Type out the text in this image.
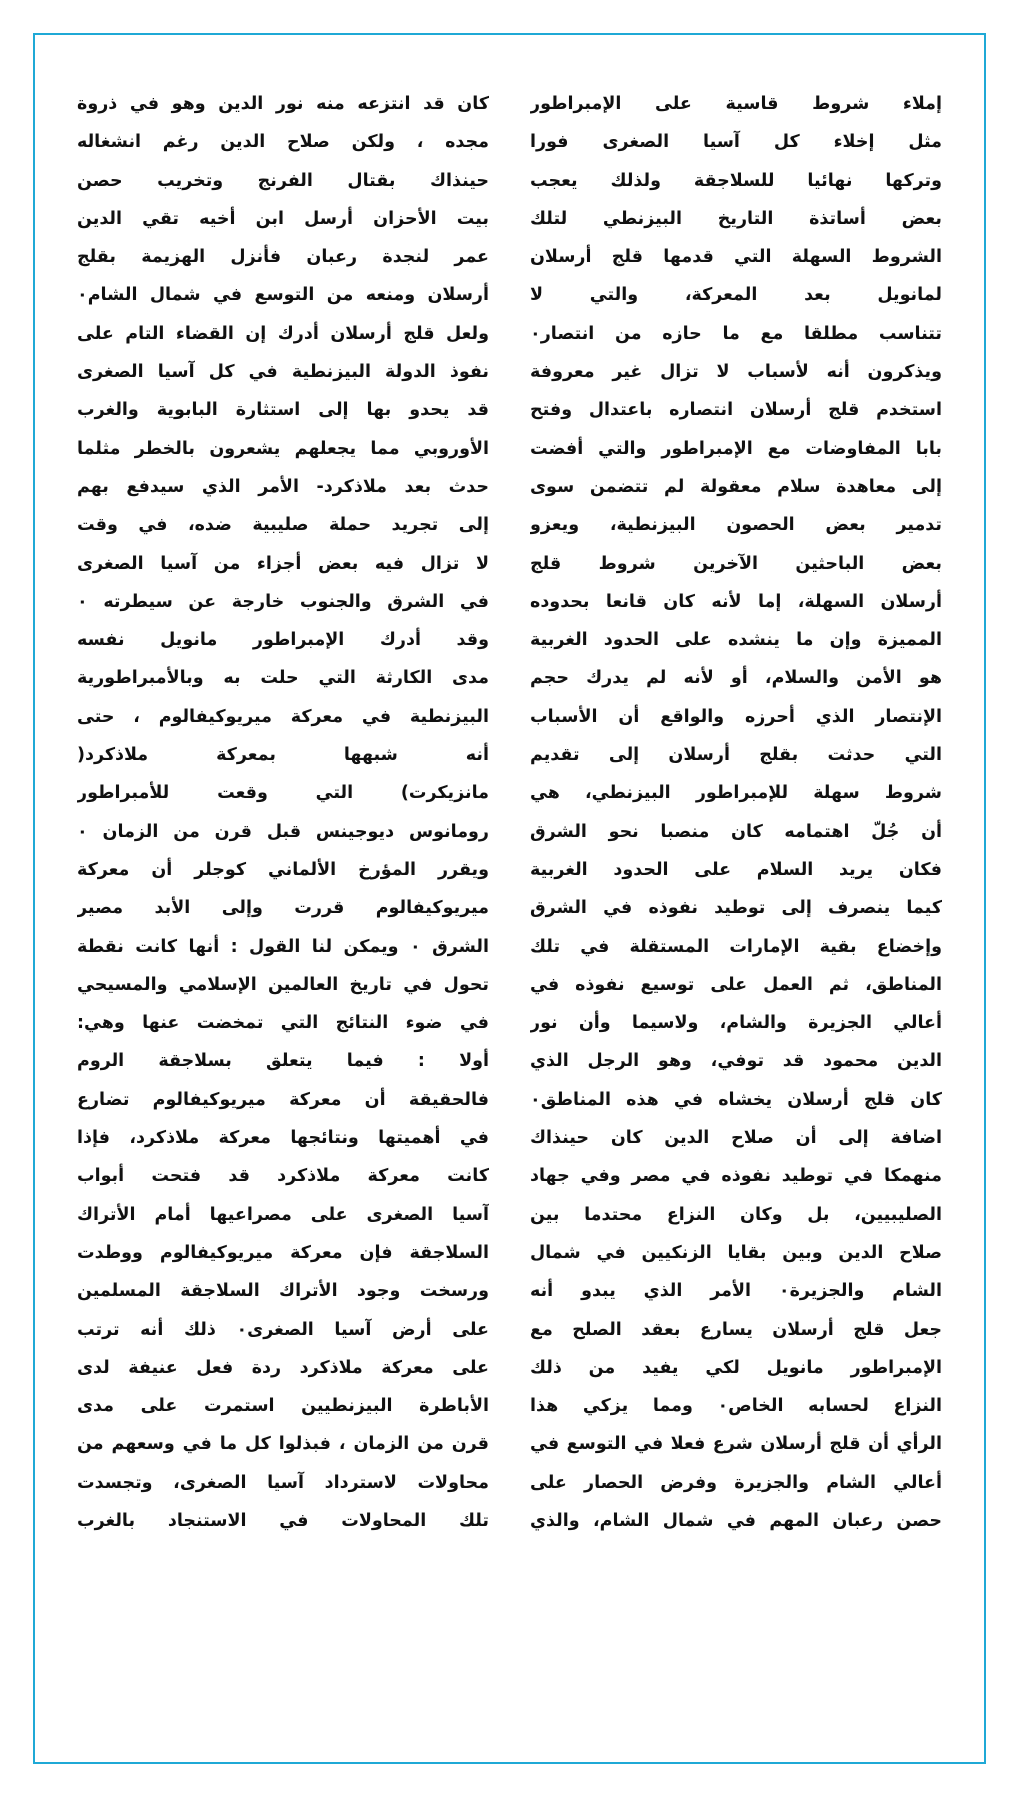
إملاء شروط قاسية على الإمبراطور
مثل إخلاء كل آسيا الصغرى فورا
وتركها نهائيا للسلاجقة ولذلك يعجب
بعض أساتذة التاريخ البيزنطي لتلك
الشروط السهلة التي قدمها قلج أرسلان
لمانويل بعد المعركة، والتي لا
تتناسب مطلقا مع ما حازه من انتصار٠
ويذكرون أنه لأسباب لا تزال غير معروفة
استخدم قلج أرسلان انتصاره باعتدال وفتح
بابا المفاوضات مع الإمبراطور والتي أفضت
إلى معاهدة سلام معقولة لم تتضمن سوى
تدمير بعض الحصون البيزنطية، ويعزو
بعض الباحثين الآخرين شروط قلج
أرسلان السهلة، إما لأنه كان قانعا بحدوده
المميزة وإن ما ينشده على الحدود الغربية
هو الأمن والسلام، أو لأنه لم يدرك حجم
الإنتصار الذي أحرزه والواقع أن الأسباب
التي حدثت بقلج أرسلان إلى تقديم
شروط سهلة للإمبراطور البيزنطي، هي
أن جُلّ اهتمامه كان منصبا نحو الشرق
فكان يريد السلام على الحدود الغربية
كيما ينصرف إلى توطيد نفوذه في الشرق
وإخضاع بقية الإمارات المستقلة في تلك
المناطق، ثم العمل على توسيع نفوذه في
أعالي الجزيرة والشام، ولاسيما وأن نور
الدين محمود قد توفي، وهو الرجل الذي
كان قلج أرسلان يخشاه في هذه المناطق٠
اضافة إلى أن صلاح الدين كان حينذاك
منهمكا في توطيد نفوذه في مصر وفي جهاد
الصليبيين، بل وكان النزاع محتدما بين
صلاح الدين وبين بقايا الزنكيين في شمال
الشام والجزيرة٠ الأمر الذي يبدو أنه
جعل قلج أرسلان يسارع بعقد الصلح مع
الإمبراطور مانويل لكي يفيد من ذلك
النزاع لحسابه الخاص٠ ومما يزكي هذا
الرأي أن قلج أرسلان شرع فعلا في التوسع في
أعالي الشام والجزيرة وفرض الحصار على
حصن رعبان المهم في شمال الشام، والذي
كان قد انتزعه منه نور الدين وهو في ذروة
مجده ، ولكن صلاح الدين رغم انشغاله
حينذاك بقتال الفرنج وتخريب حصن
بيت الأحزان أرسل ابن أخيه تقي الدين
عمر لنجدة رعبان فأنزل الهزيمة بقلج
أرسلان ومنعه من التوسع في شمال الشام٠
ولعل قلج أرسلان أدرك إن القضاء التام على
نفوذ الدولة البيزنطية في كل آسيا الصغرى
قد يحدو بها إلى استثارة البابوية والغرب
الأوروبي مما يجعلهم يشعرون بالخطر مثلما
حدث بعد ملاذكرد- الأمر الذي سيدفع بهم
إلى تجريد حملة صليبية ضده، في وقت
لا تزال فيه بعض أجزاء من آسيا الصغرى
في الشرق والجنوب خارجة عن سيطرته ٠
وقد أدرك الإمبراطور مانويل نفسه
مدى الكارثة التي حلت به وبالأمبراطورية
البيزنطية في معركة ميريوكيفالوم ، حتى
أنه شبهها بمعركة ملاذكرد(
مانزيكرت) التي وقعت للأمبراطور
رومانوس ديوجينس قبل قرن من الزمان ٠
ويقرر المؤرخ الألماني كوجلر أن معركة
ميريوكيفالوم قررت وإلى الأبد مصير
الشرق ٠ ويمكن لنا القول : أنها كانت نقطة
تحول في تاريخ العالمين الإسلامي والمسيحي
في ضوء النتائج التي تمخضت عنها وهي:
أولا : فيما يتعلق بسلاجقة الروم
فالحقيقة أن معركة ميريوكيفالوم تضارع
في أهميتها ونتائجها معركة ملاذكرد، فإذا
كانت معركة ملاذكرد قد فتحت أبواب
آسيا الصغرى على مصراعيها أمام الأتراك
السلاجقة فإن معركة ميريوكيفالوم ووطدت
ورسخت وجود الأتراك السلاجقة المسلمين
على أرض آسيا الصغرى٠ ذلك أنه ترتب
على معركة ملاذكرد ردة فعل عنيفة لدى
الأباطرة البيزنطيين استمرت على مدى
قرن من الزمان ، فبذلوا كل ما في وسعهم من
محاولات لاسترداد آسيا الصغرى، وتجسدت
تلك المحاولات في الاستنجاد بالغرب
